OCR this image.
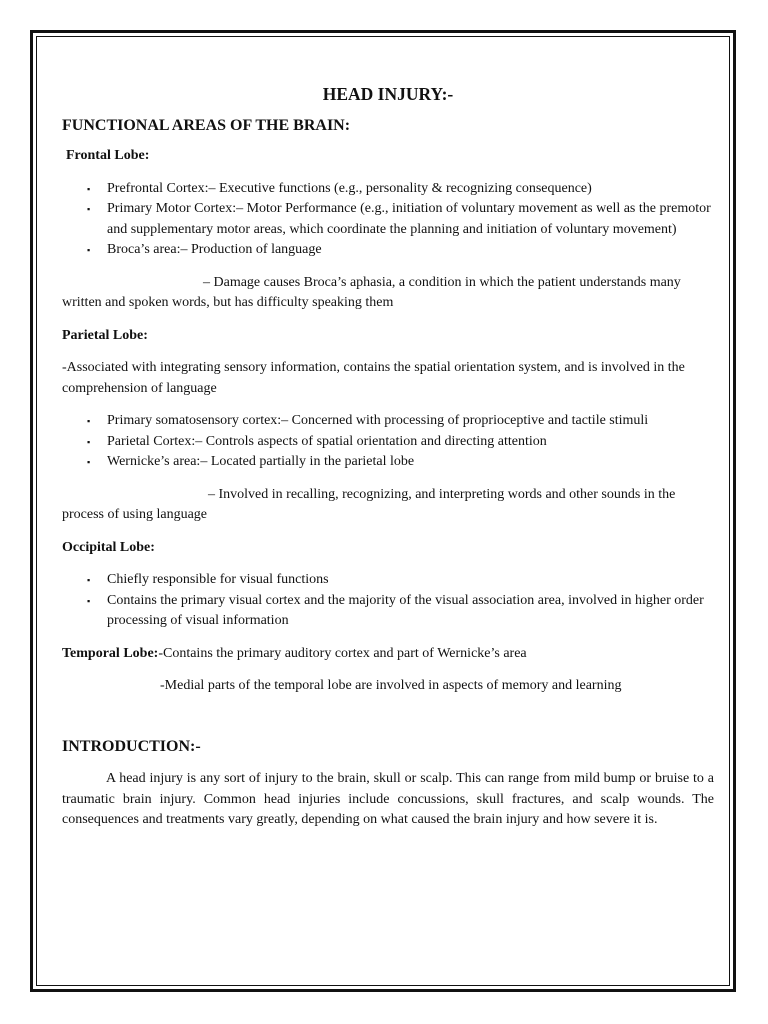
HEAD INJURY:-
FUNCTIONAL AREAS OF THE BRAIN:
Frontal Lobe:
▪ Prefrontal Cortex:– Executive functions (e.g., personality & recognizing consequence)
▪ Primary Motor Cortex:– Motor Performance (e.g., initiation of voluntary movement as well as the premotor and supplementary motor areas, which coordinate the planning and initiation of voluntary movement)
▪ Broca’s area:– Production of language
– Damage causes Broca’s aphasia, a condition in which the patient understands many written and spoken words, but has difficulty speaking them
Parietal Lobe:
-Associated with integrating sensory information, contains the spatial orientation system, and is involved in the comprehension of language
▪ Primary somatosensory cortex:– Concerned with processing of proprioceptive and tactile stimuli
▪ Parietal Cortex:– Controls aspects of spatial orientation and directing attention
▪ Wernicke’s area:– Located partially in the parietal lobe
– Involved in recalling, recognizing, and interpreting words and other sounds in the process of using language
Occipital Lobe:
▪ Chiefly responsible for visual functions
▪ Contains the primary visual cortex and the majority of the visual association area, involved in higher order processing of visual information
Temporal Lobe:-Contains the primary auditory cortex and part of Wernicke’s area
-Medial parts of the temporal lobe are involved in aspects of memory and learning
INTRODUCTION:-

A head injury is any sort of injury to the brain, skull or scalp. This can range from mild bump or bruise to a traumatic brain injury. Common head injuries include concussions, skull fractures, and scalp wounds. The consequences and treatments vary greatly, depending on what caused the brain injury and how severe it is.
